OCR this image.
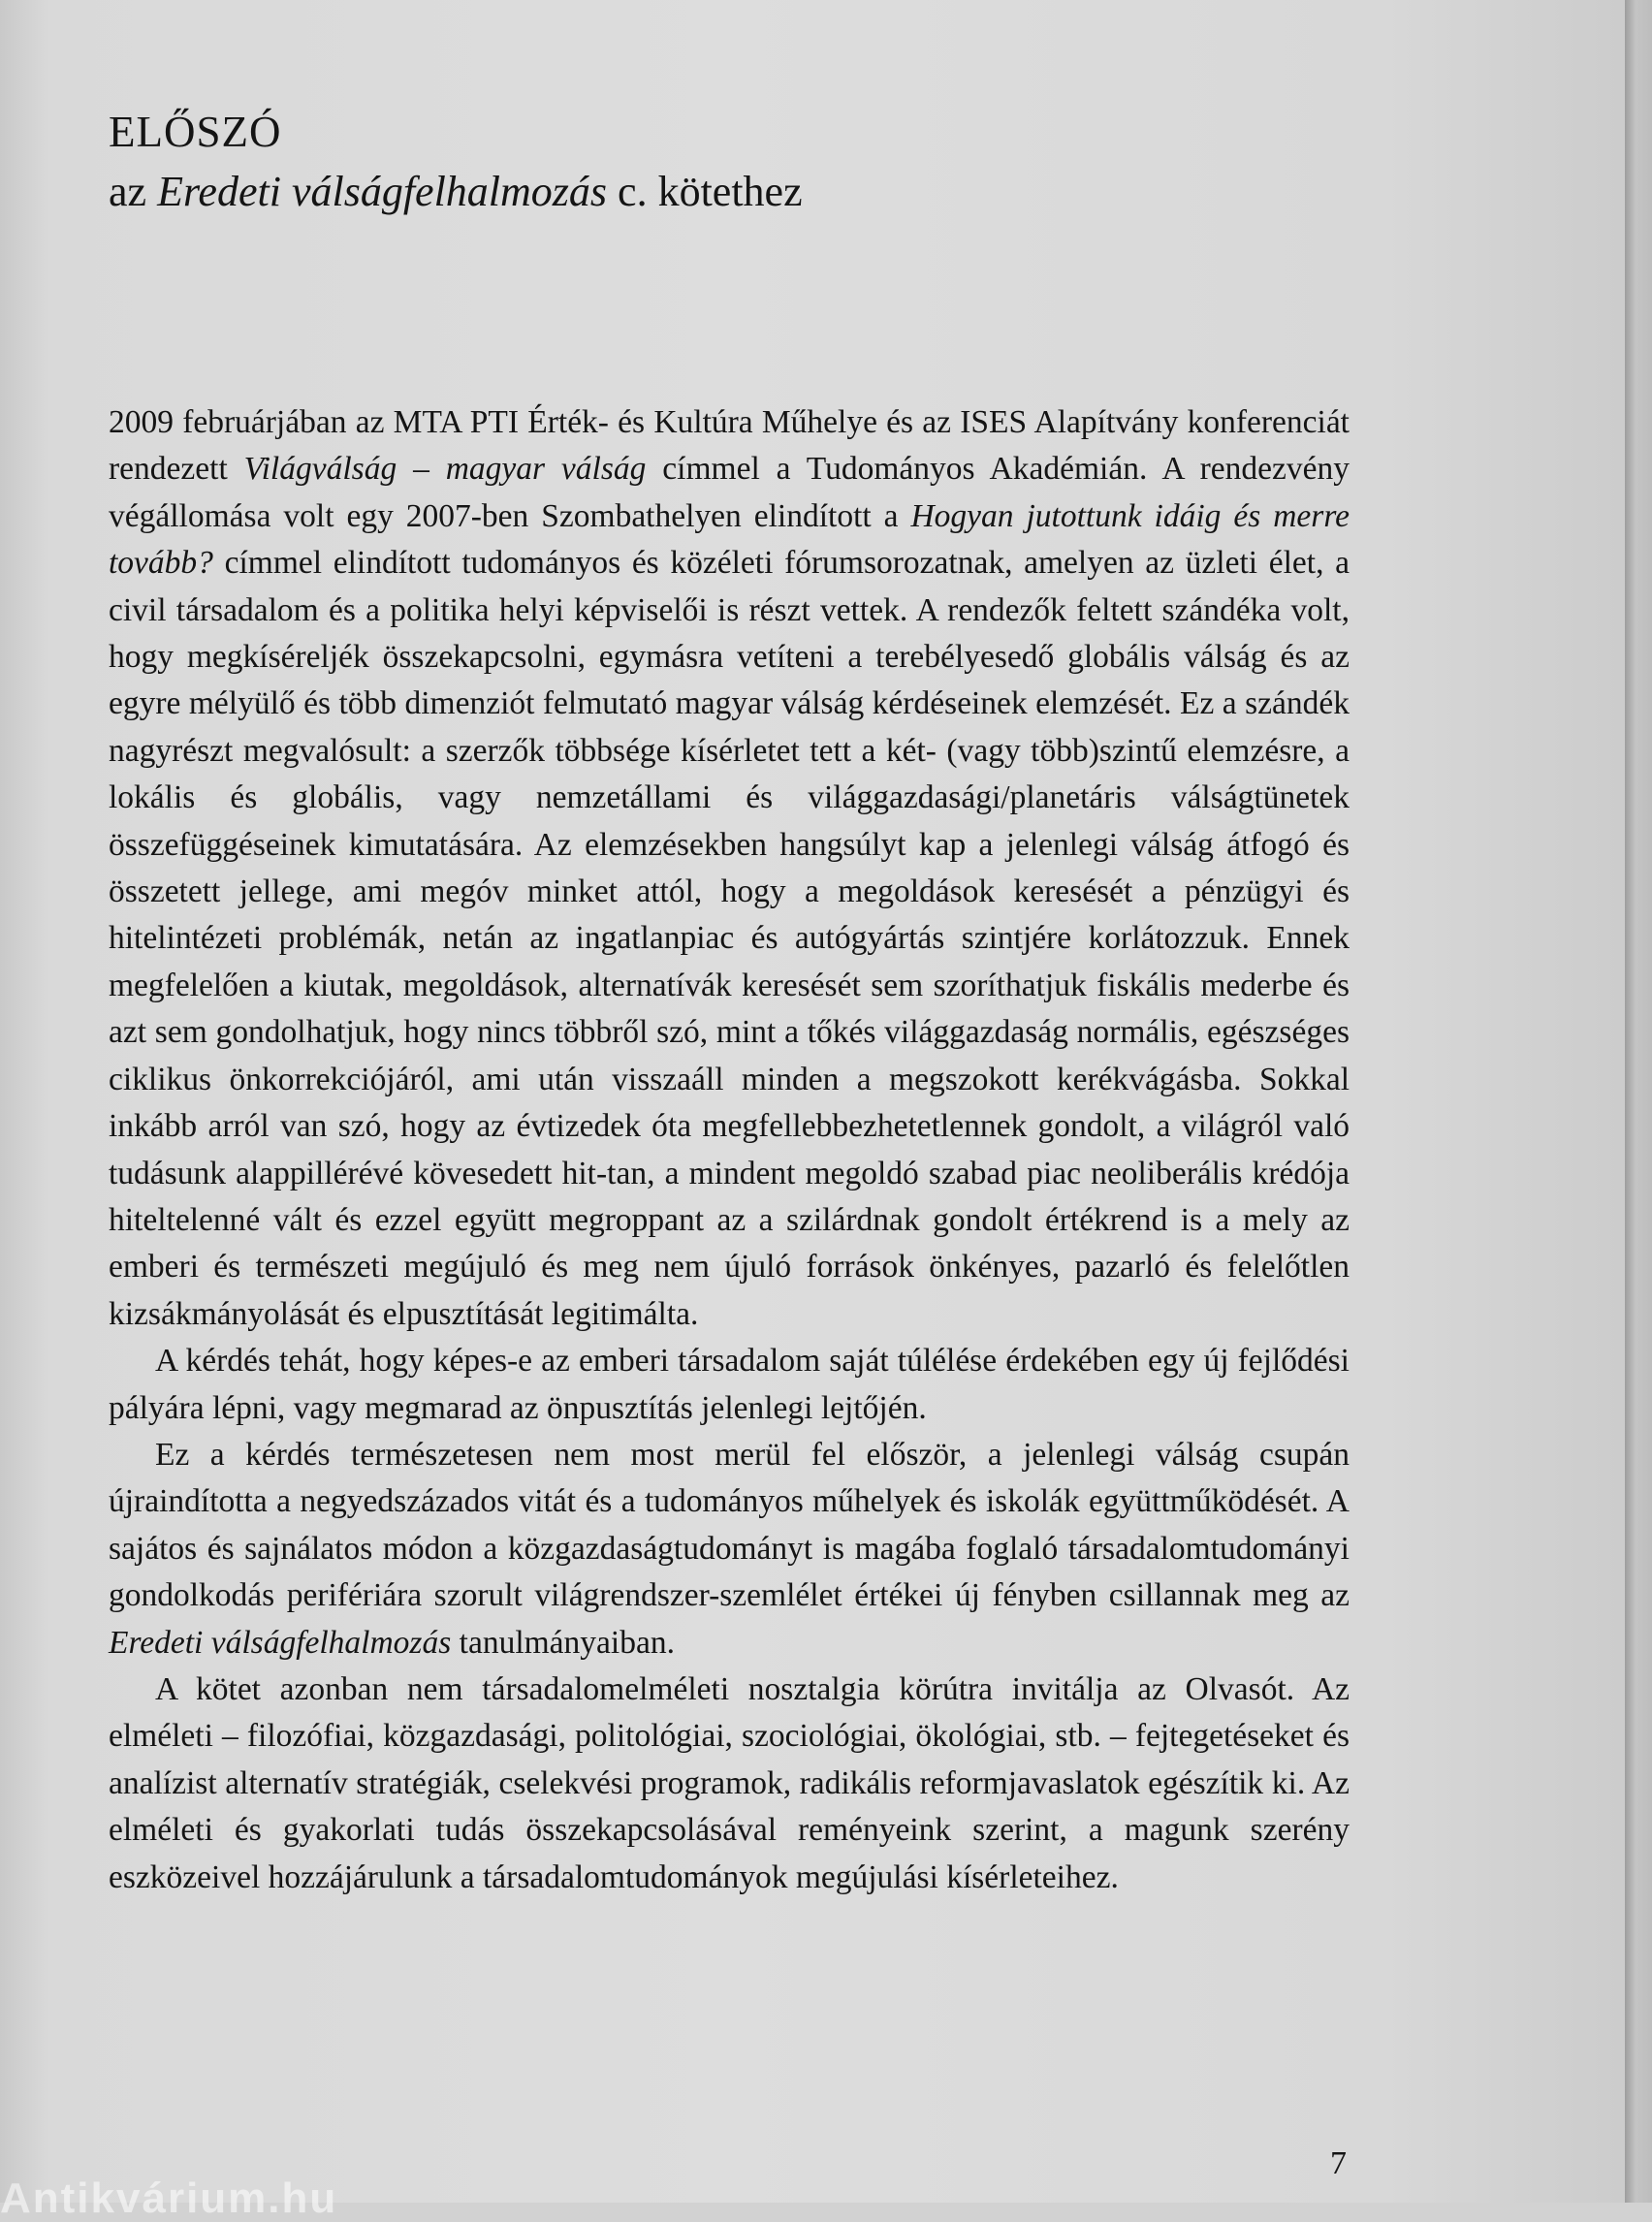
ELŐSZÓ
az Eredeti válságfelhalmozás c. kötethez

2009 februárjában az MTA PTI Érték- és Kultúra Műhelye és az ISES Alapítvány konferenciát rendezett Világválság – magyar válság címmel a Tudományos Akadémián. A rendezvény végállomása volt egy 2007-ben Szombathelyen elindított a Hogyan jutottunk idáig és merre tovább? címmel elindított tudományos és közéleti fórumsorozatnak, amelyen az üzleti élet, a civil társadalom és a politika helyi képviselői is részt vettek. A rendezők feltett szándéka volt, hogy megkíséreljék összekapcsolni, egymásra vetíteni a terebélyesedő globális válság és az egyre mélyülő és több dimenziót felmutató magyar válság kérdéseinek elemzését. Ez a szándék nagyrészt megvalósult: a szerzők többsége kísérletet tett a két- (vagy több)szintű elemzésre, a lokális és globális, vagy nemzetállami és világgazdasági/planetáris válságtünetek összefüggéseinek kimutatására. Az elemzésekben hangsúlyt kap a jelenlegi válság átfogó és összetett jellege, ami megóv minket attól, hogy a megoldások keresését a pénzügyi és hitelintézeti problémák, netán az ingatlanpiac és autógyártás szintjére korlátozzuk. Ennek megfelelően a kiutak, megoldások, alternatívák keresését sem szoríthatjuk fiskális mederbe és azt sem gondolhatjuk, hogy nincs többről szó, mint a tőkés világgazdaság normális, egészséges ciklikus önkorrekciójáról, ami után visszaáll minden a megszokott kerékvágásba. Sokkal inkább arról van szó, hogy az évtizedek óta megfellebbezhetetlennek gondolt, a világról való tudásunk alappillérévé kövesedett hit-tan, a mindent megoldó szabad piac neoliberális krédója hiteltelenné vált és ezzel együtt megroppant az a szilárdnak gondolt értékrend is a mely az emberi és természeti megújuló és meg nem újuló források önkényes, pazarló és felelőtlen kizsákmányolását és elpusztítását legitimálta.

A kérdés tehát, hogy képes-e az emberi társadalom saját túlélése érdekében egy új fejlődési pályára lépni, vagy megmarad az önpusztítás jelenlegi lejtőjén.

Ez a kérdés természetesen nem most merül fel először, a jelenlegi válság csupán újraindította a negyedszázados vitát és a tudományos műhelyek és iskolák együttműködését. A sajátos és sajnálatos módon a közgazdaságtudományt is magába foglaló társadalomtudományi gondolkodás perifériára szorult világrendszer-szemlélet értékei új fényben csillannak meg az Eredeti válságfelhalmozás tanulmányaiban.

A kötet azonban nem társadalomelméleti nosztalgia körútra invitálja az Olvasót. Az elméleti – filozófiai, közgazdasági, politológiai, szociológiai, ökológiai, stb. – fejtegetéseket és analízist alternatív stratégiák, cselekvési programok, radikális reformjavaslatok egészítik ki. Az elméleti és gyakorlati tudás összekapcsolásával reményeink szerint, a magunk szerény eszközeivel hozzájárulunk a társadalomtudományok megújulási kísérleteihez.

7
Antikvárium.hu
